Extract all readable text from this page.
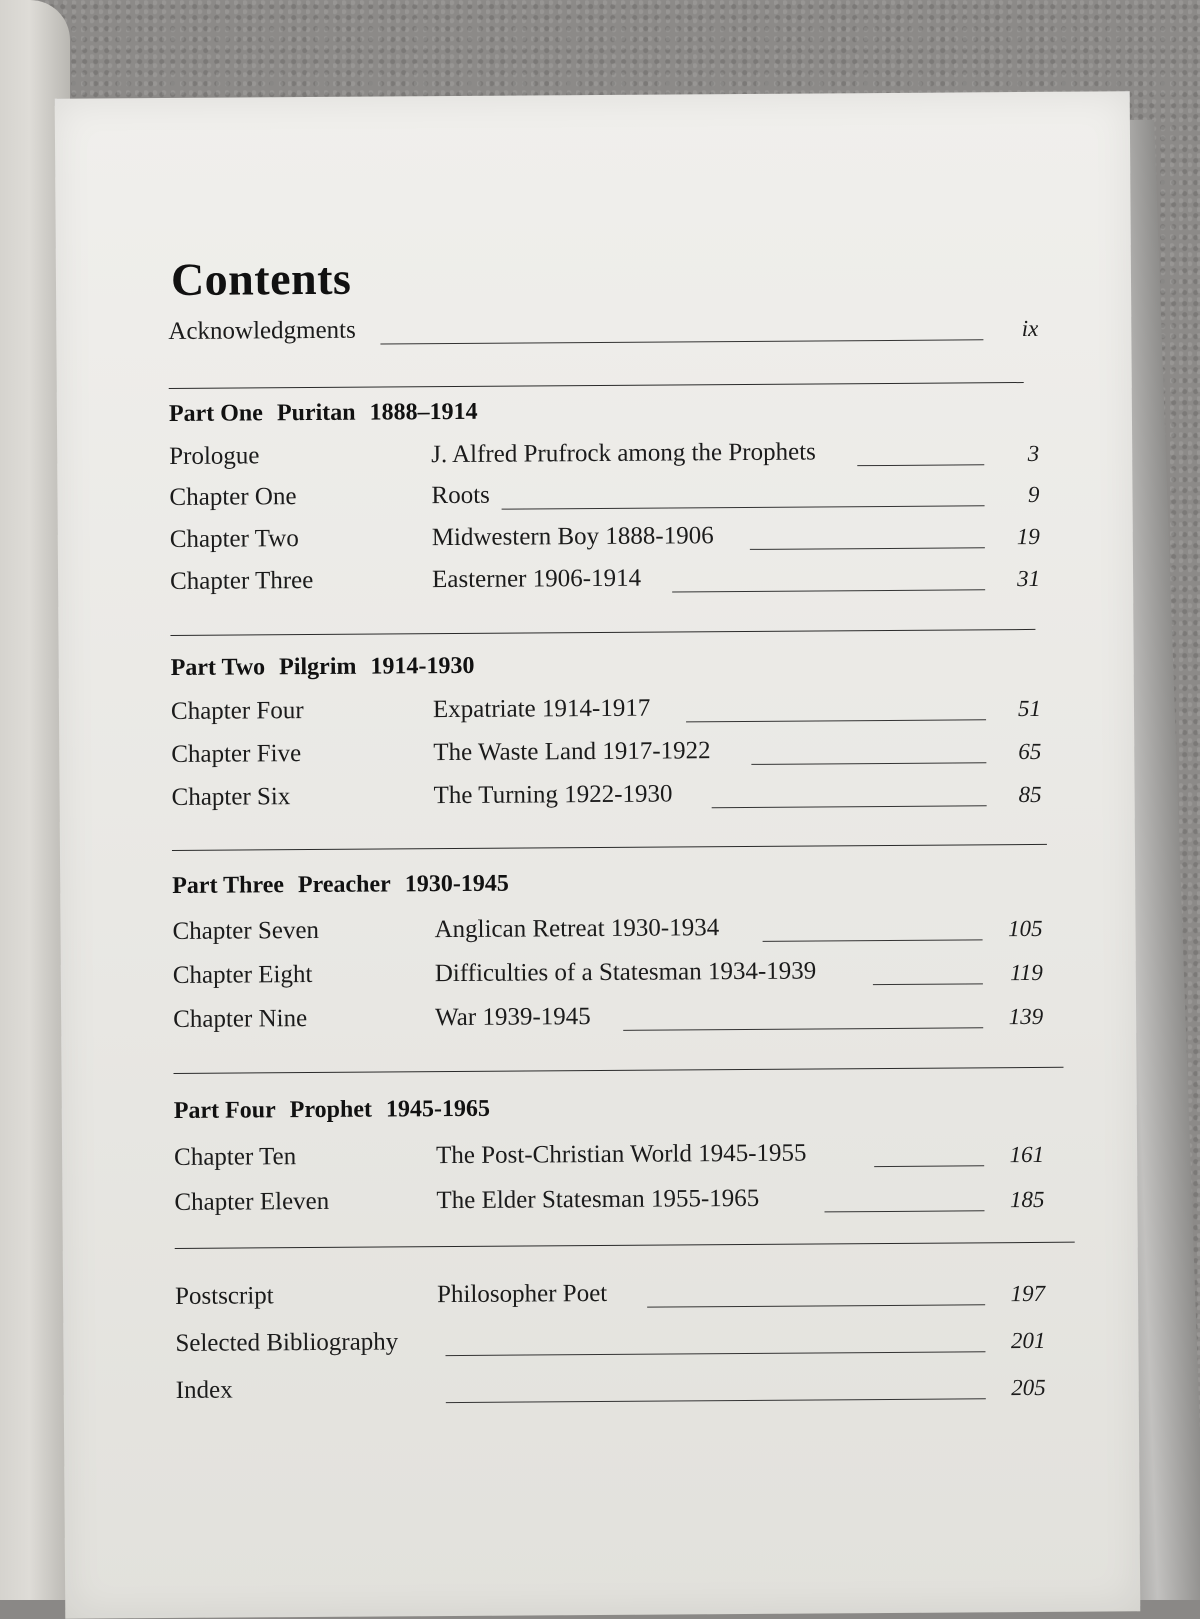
Contents
Acknowledgments	ix
Part One Puritan 1888–1914
Prologue	J. Alfred Prufrock among the Prophets	3
Chapter One	Roots	9
Chapter Two	Midwestern Boy 1888-1906	19
Chapter Three	Easterner 1906-1914	31
Part Two Pilgrim 1914-1930
Chapter Four	Expatriate 1914-1917	51
Chapter Five	The Waste Land 1917-1922	65
Chapter Six	The Turning 1922-1930	85
Part Three Preacher 1930-1945
Chapter Seven	Anglican Retreat 1930-1934	105
Chapter Eight	Difficulties of a Statesman 1934-1939	119
Chapter Nine	War 1939-1945	139
Part Four Prophet 1945-1965
Chapter Ten	The Post-Christian World 1945-1955	161
Chapter Eleven	The Elder Statesman 1955-1965	185
Postscript	Philosopher Poet	197
Selected Bibliography	201
Index	205
